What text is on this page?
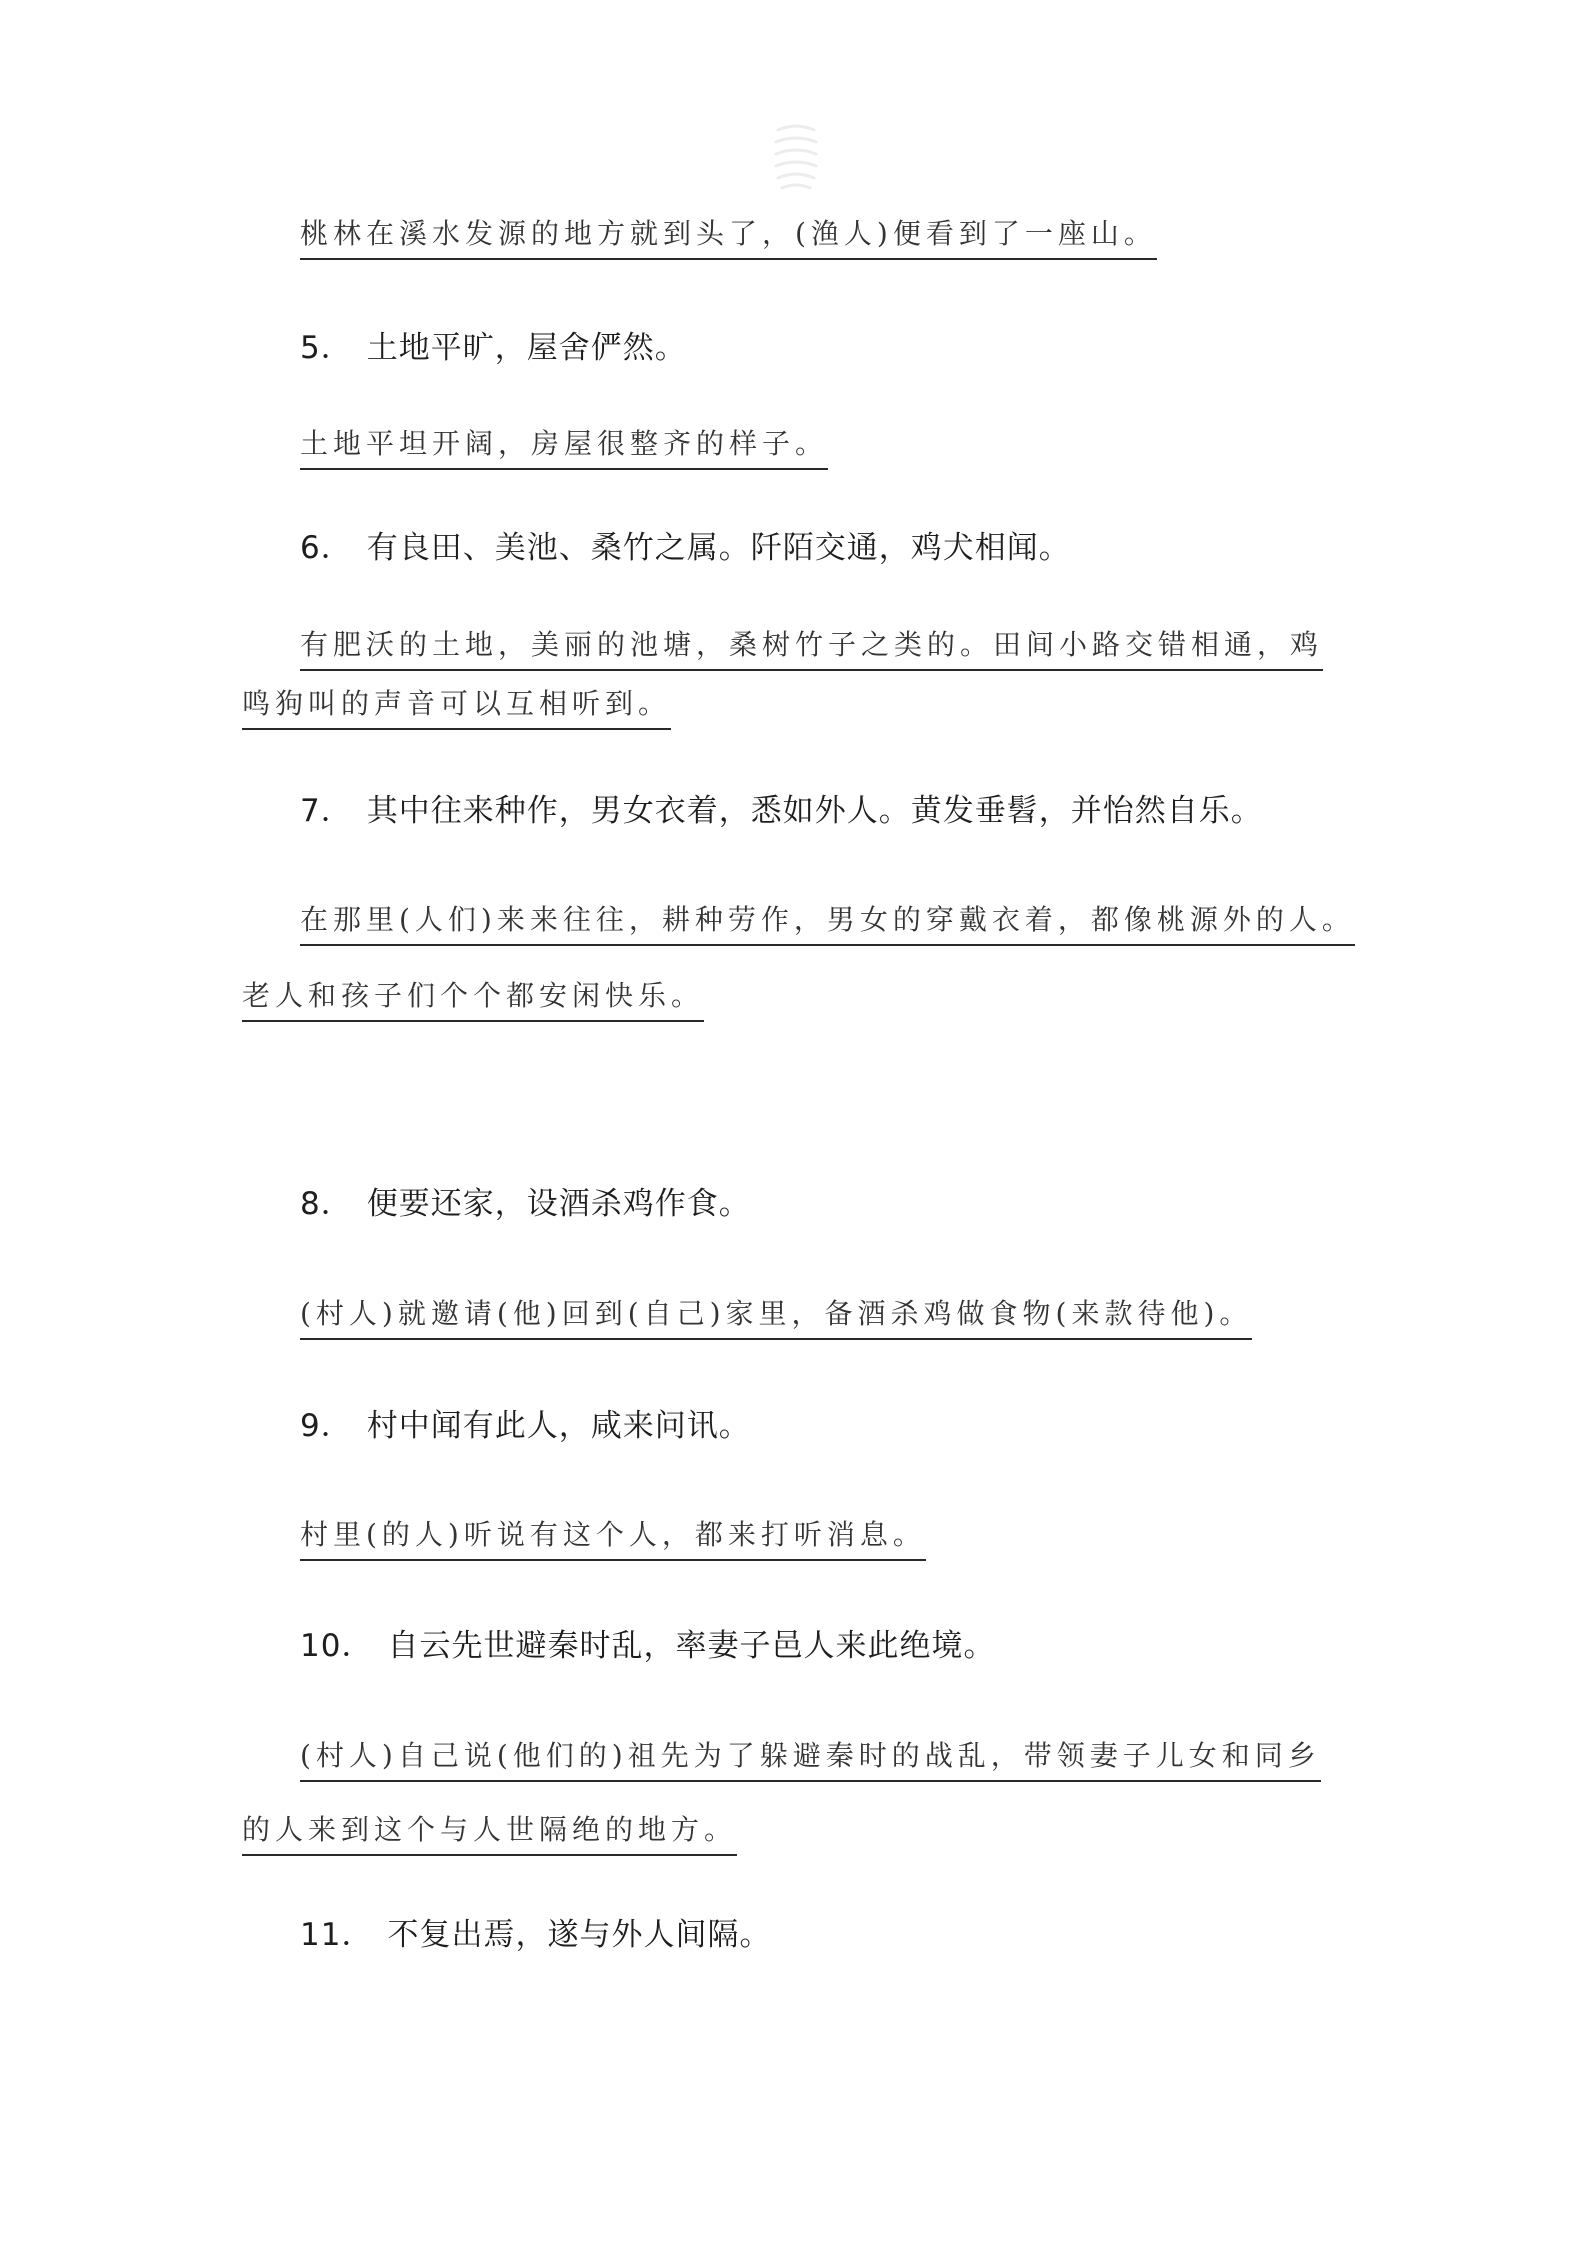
桃林在溪水发源的地方就到头了，(渔人)便看到了一座山。
5． 土地平旷，屋舍俨然。
土地平坦开阔，房屋很整齐的样子。
6． 有良田、美池、桑竹之属。阡陌交通，鸡犬相闻。
有肥沃的土地，美丽的池塘，桑树竹子之类的。田间小路交错相通，鸡
鸣狗叫的声音可以互相听到。
7． 其中往来种作，男女衣着，悉如外人。黄发垂髫，并怡然自乐。
在那里(人们)来来往往，耕种劳作，男女的穿戴衣着，都像桃源外的人。
老人和孩子们个个都安闲快乐。
8． 便要还家，设酒杀鸡作食。
(村人)就邀请(他)回到(自己)家里，备酒杀鸡做食物(来款待他)。
9． 村中闻有此人，咸来问讯。
村里(的人)听说有这个人，都来打听消息。
10． 自云先世避秦时乱，率妻子邑人来此绝境。
(村人)自己说(他们的)祖先为了躲避秦时的战乱，带领妻子儿女和同乡
的人来到这个与人世隔绝的地方。
11． 不复出焉，遂与外人间隔。
